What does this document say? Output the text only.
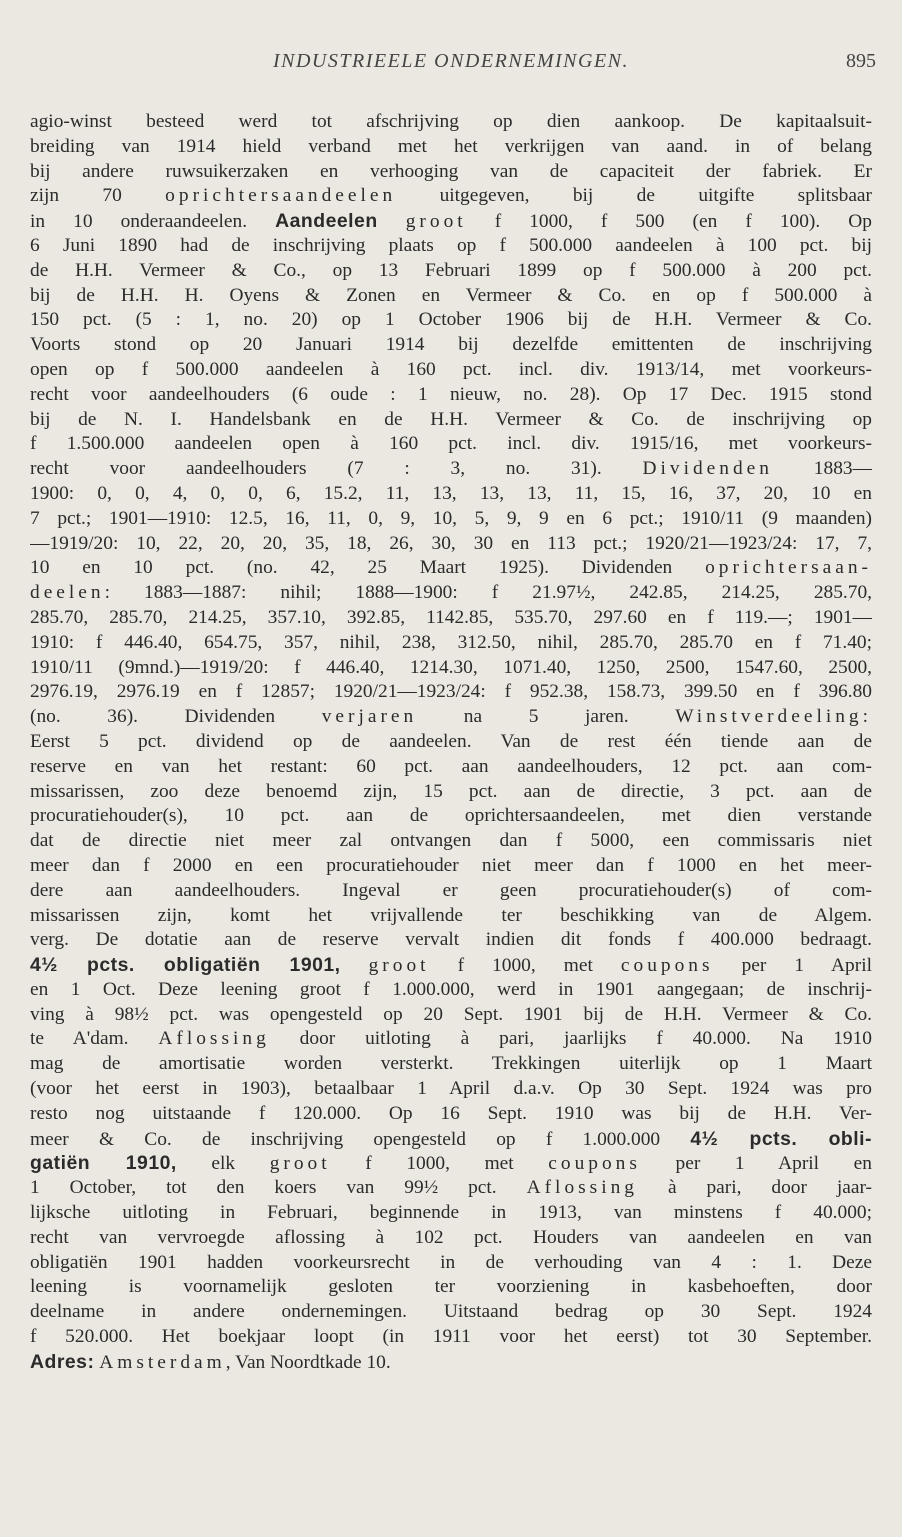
INDUSTRIEELE ONDERNEMINGEN.	895
agio-winst besteed werd tot afschrijving op dien aankoop. De kapitaalsuit-
breiding van 1914 hield verband met het verkrijgen van aand. in of belang
bij andere ruwsuikerzaken en verhooging van de capaciteit der fabriek. Er
zijn 70 oprichtersaandeelen uitgegeven, bij de uitgifte splitsbaar
in 10 onderaandeelen. Aandeelen groot f 1000, f 500 (en f 100). Op
6 Juni 1890 had de inschrijving plaats op f 500.000 aandeelen à 100 pct. bij
de H.H. Vermeer & Co., op 13 Februari 1899 op f 500.000 à 200 pct.
bij de H.H. H. Oyens & Zonen en Vermeer & Co. en op f 500.000 à
150 pct. (5 : 1, no. 20) op 1 October 1906 bij de H.H. Vermeer & Co.
Voorts stond op 20 Januari 1914 bij dezelfde emittenten de inschrijving
open op f 500.000 aandeelen à 160 pct. incl. div. 1913/14, met voorkeurs-
recht voor aandeelhouders (6 oude : 1 nieuw, no. 28). Op 17 Dec. 1915 stond
bij de N. I. Handelsbank en de H.H. Vermeer & Co. de inschrijving op
f 1.500.000 aandeelen open à 160 pct. incl. div. 1915/16, met voorkeurs-
recht voor aandeelhouders (7 : 3, no. 31). Dividenden 1883—
1900: 0, 0, 4, 0, 0, 6, 15.2, 11, 13, 13, 13, 11, 15, 16, 37, 20, 10 en
7 pct.; 1901—1910: 12.5, 16, 11, 0, 9, 10, 5, 9, 9 en 6 pct.; 1910/11 (9 maanden)
—1919/20: 10, 22, 20, 20, 35, 18, 26, 30, 30 en 113 pct.; 1920/21—1923/24: 17, 7,
10 en 10 pct. (no. 42, 25 Maart 1925). Dividenden oprichtersaan-
deelen: 1883—1887: nihil; 1888—1900: f 21.97½, 242.85, 214.25, 285.70,
285.70, 285.70, 214.25, 357.10, 392.85, 1142.85, 535.70, 297.60 en f 119.—; 1901—
1910: f 446.40, 654.75, 357, nihil, 238, 312.50, nihil, 285.70, 285.70 en f 71.40;
1910/11 (9mnd.)—1919/20: f 446.40, 1214.30, 1071.40, 1250, 2500, 1547.60, 2500,
2976.19, 2976.19 en f 12857; 1920/21—1923/24: f 952.38, 158.73, 399.50 en f 396.80
(no. 36). Dividenden verjaren na 5 jaren. Winstverdeeling:
Eerst 5 pct. dividend op de aandeelen. Van de rest één tiende aan de
reserve en van het restant: 60 pct. aan aandeelhouders, 12 pct. aan com-
missarissen, zoo deze benoemd zijn, 15 pct. aan de directie, 3 pct. aan de
procuratiehouder(s), 10 pct. aan de oprichtersaandeelen, met dien verstande
dat de directie niet meer zal ontvangen dan f 5000, een commissaris niet
meer dan f 2000 en een procuratiehouder niet meer dan f 1000 en het meer-
dere aan aandeelhouders. Ingeval er geen procuratiehouder(s) of com-
missarissen zijn, komt het vrijvallende ter beschikking van de Algem.
verg. De dotatie aan de reserve vervalt indien dit fonds f 400.000 bedraagt.
4½ pcts. obligatiën 1901, groot f 1000, met coupons per 1 April
en 1 Oct. Deze leening groot f 1.000.000, werd in 1901 aangegaan; de inschrij-
ving à 98½ pct. was opengesteld op 20 Sept. 1901 bij de H.H. Vermeer & Co.
te A'dam. Aflossing door uitloting à pari, jaarlijks f 40.000. Na 1910
mag de amortisatie worden versterkt. Trekkingen uiterlijk op 1 Maart
(voor het eerst in 1903), betaalbaar 1 April d.a.v. Op 30 Sept. 1924 was pro
resto nog uitstaande f 120.000. Op 16 Sept. 1910 was bij de H.H. Ver-
meer & Co. de inschrijving opengesteld op f 1.000.000 4½ pcts. obli-
gatiën 1910, elk groot f 1000, met coupons per 1 April en
1 October, tot den koers van 99½ pct. Aflossing à pari, door jaar-
lijksche uitloting in Februari, beginnende in 1913, van minstens f 40.000;
recht van vervroegde aflossing à 102 pct. Houders van aandeelen en van
obligatiën 1901 hadden voorkeursrecht in de verhouding van 4 : 1. Deze
leening is voornamelijk gesloten ter voorziening in kasbehoeften, door
deelname in andere ondernemingen. Uitstaand bedrag op 30 Sept. 1924
f 520.000. Het boekjaar loopt (in 1911 voor het eerst) tot 30 September.
Adres: Amsterdam, Van Noordtkade 10.
